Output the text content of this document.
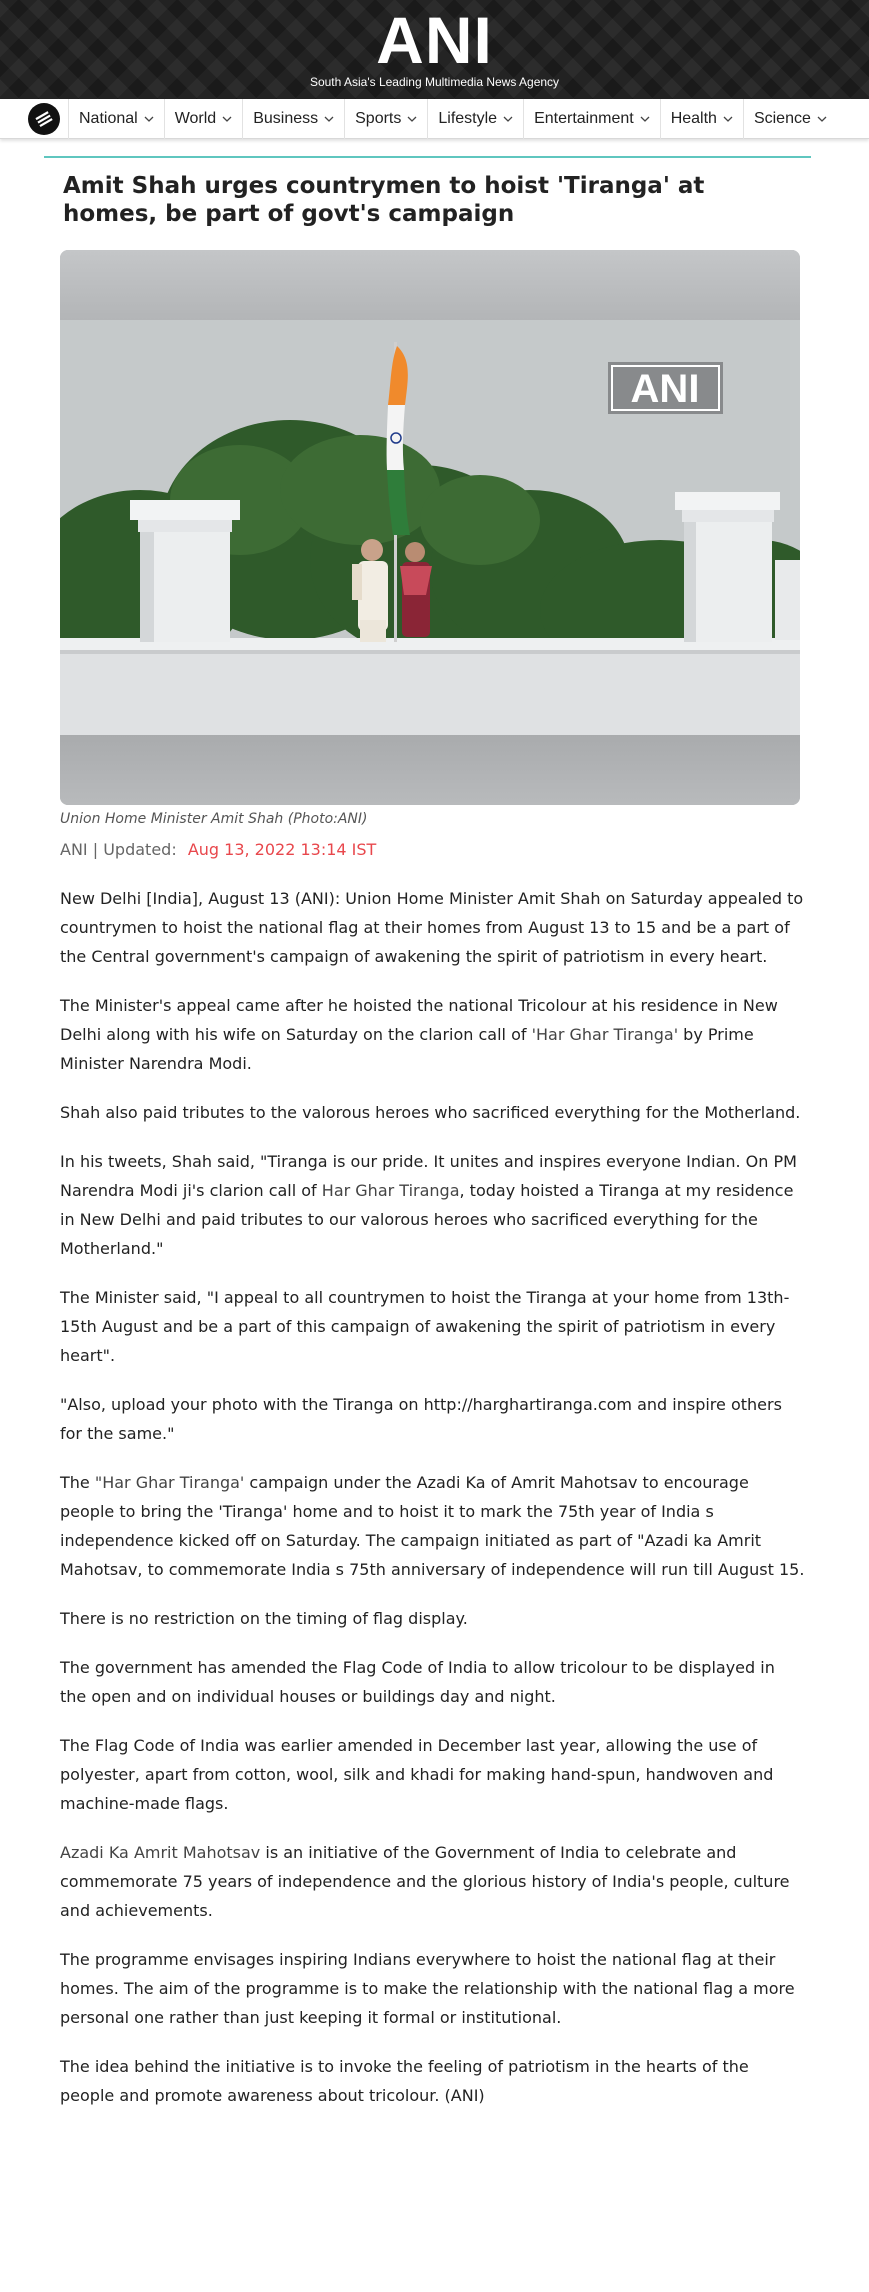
ANI
South Asia's Leading Multimedia News Agency
National World Business Sports Lifestyle Entertainment Health Science
Amit Shah urges countrymen to hoist 'Tiranga' at homes, be part of govt's campaign
ANI
Union Home Minister Amit Shah (Photo:ANI)
ANI | Updated: Aug 13, 2022 13:14 IST

New Delhi [India], August 13 (ANI): Union Home Minister Amit Shah on Saturday appealed to countrymen to hoist the national flag at their homes from August 13 to 15 and be a part of the Central government's campaign of awakening the spirit of patriotism in every heart.

The Minister's appeal came after he hoisted the national Tricolour at his residence in New Delhi along with his wife on Saturday on the clarion call of 'Har Ghar Tiranga' by Prime Minister Narendra Modi.

Shah also paid tributes to the valorous heroes who sacrificed everything for the Motherland.

In his tweets, Shah said, "Tiranga is our pride. It unites and inspires everyone Indian. On PM Narendra Modi ji's clarion call of Har Ghar Tiranga, today hoisted a Tiranga at my residence in New Delhi and paid tributes to our valorous heroes who sacrificed everything for the Motherland."

The Minister said, "I appeal to all countrymen to hoist the Tiranga at your home from 13th-15th August and be a part of this campaign of awakening the spirit of patriotism in every heart".

"Also, upload your photo with the Tiranga on http://harghartiranga.com and inspire others for the same."

The "Har Ghar Tiranga' campaign under the Azadi Ka of Amrit Mahotsav to encourage people to bring the 'Tiranga' home and to hoist it to mark the 75th year of India s independence kicked off on Saturday. The campaign initiated as part of "Azadi ka Amrit Mahotsav, to commemorate India s 75th anniversary of independence will run till August 15.

There is no restriction on the timing of flag display.

The government has amended the Flag Code of India to allow tricolour to be displayed in the open and on individual houses or buildings day and night.

The Flag Code of India was earlier amended in December last year, allowing the use of polyester, apart from cotton, wool, silk and khadi for making hand-spun, handwoven and machine-made flags.

Azadi Ka Amrit Mahotsav is an initiative of the Government of India to celebrate and commemorate 75 years of independence and the glorious history of India's people, culture and achievements.

The programme envisages inspiring Indians everywhere to hoist the national flag at their homes. The aim of the programme is to make the relationship with the national flag a more personal one rather than just keeping it formal or institutional.

The idea behind the initiative is to invoke the feeling of patriotism in the hearts of the people and promote awareness about tricolour. (ANI)
